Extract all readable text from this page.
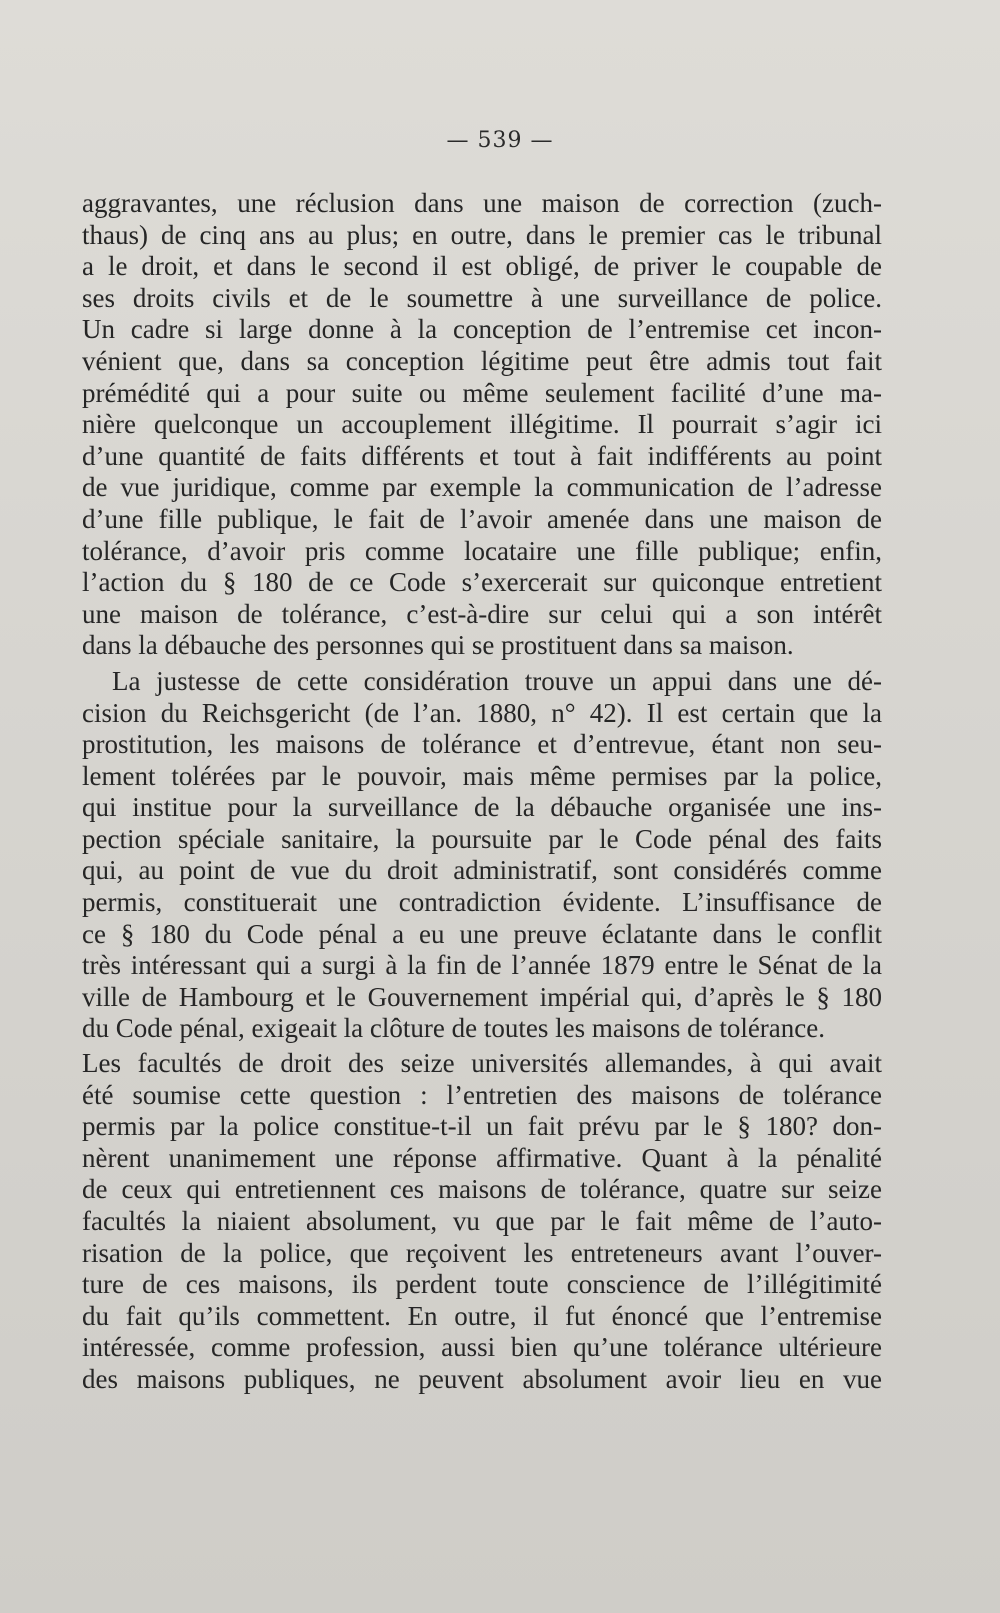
— 539 —
aggravantes, une réclusion dans une maison de correction (zuch-
thaus) de cinq ans au plus; en outre, dans le premier cas le tribunal
a le droit, et dans le second il est obligé, de priver le coupable de
ses droits civils et de le soumettre à une surveillance de police.
Un cadre si large donne à la conception de l’entremise cet incon-
vénient que, dans sa conception légitime peut être admis tout fait
prémédité qui a pour suite ou même seulement facilité d’une ma-
nière quelconque un accouplement illégitime. Il pourrait s’agir ici
d’une quantité de faits différents et tout à fait indifférents au point
de vue juridique, comme par exemple la communication de l’adresse
d’une fille publique, le fait de l’avoir amenée dans une maison de
tolérance, d’avoir pris comme locataire une fille publique; enfin,
l’action du § 180 de ce Code s’exercerait sur quiconque entretient
une maison de tolérance, c’est-à-dire sur celui qui a son intérêt
dans la débauche des personnes qui se prostituent dans sa maison.
La justesse de cette considération trouve un appui dans une dé-
cision du Reichsgericht (de l’an. 1880, n° 42). Il est certain que la
prostitution, les maisons de tolérance et d’entrevue, étant non seu-
lement tolérées par le pouvoir, mais même permises par la police,
qui institue pour la surveillance de la débauche organisée une ins-
pection spéciale sanitaire, la poursuite par le Code pénal des faits
qui, au point de vue du droit administratif, sont considérés comme
permis, constituerait une contradiction évidente. L’insuffisance de
ce § 180 du Code pénal a eu une preuve éclatante dans le conflit
très intéressant qui a surgi à la fin de l’année 1879 entre le Sénat de la
ville de Hambourg et le Gouvernement impérial qui, d’après le § 180
du Code pénal, exigeait la clôture de toutes les maisons de tolérance.
Les facultés de droit des seize universités allemandes, à qui avait
été soumise cette question : l’entretien des maisons de tolérance
permis par la police constitue-t-il un fait prévu par le § 180? don-
nèrent unanimement une réponse affirmative. Quant à la pénalité
de ceux qui entretiennent ces maisons de tolérance, quatre sur seize
facultés la niaient absolument, vu que par le fait même de l’auto-
risation de la police, que reçoivent les entreteneurs avant l’ouver-
ture de ces maisons, ils perdent toute conscience de l’illégitimité
du fait qu’ils commettent. En outre, il fut énoncé que l’entremise
intéressée, comme profession, aussi bien qu’une tolérance ultérieure
des maisons publiques, ne peuvent absolument avoir lieu en vue
